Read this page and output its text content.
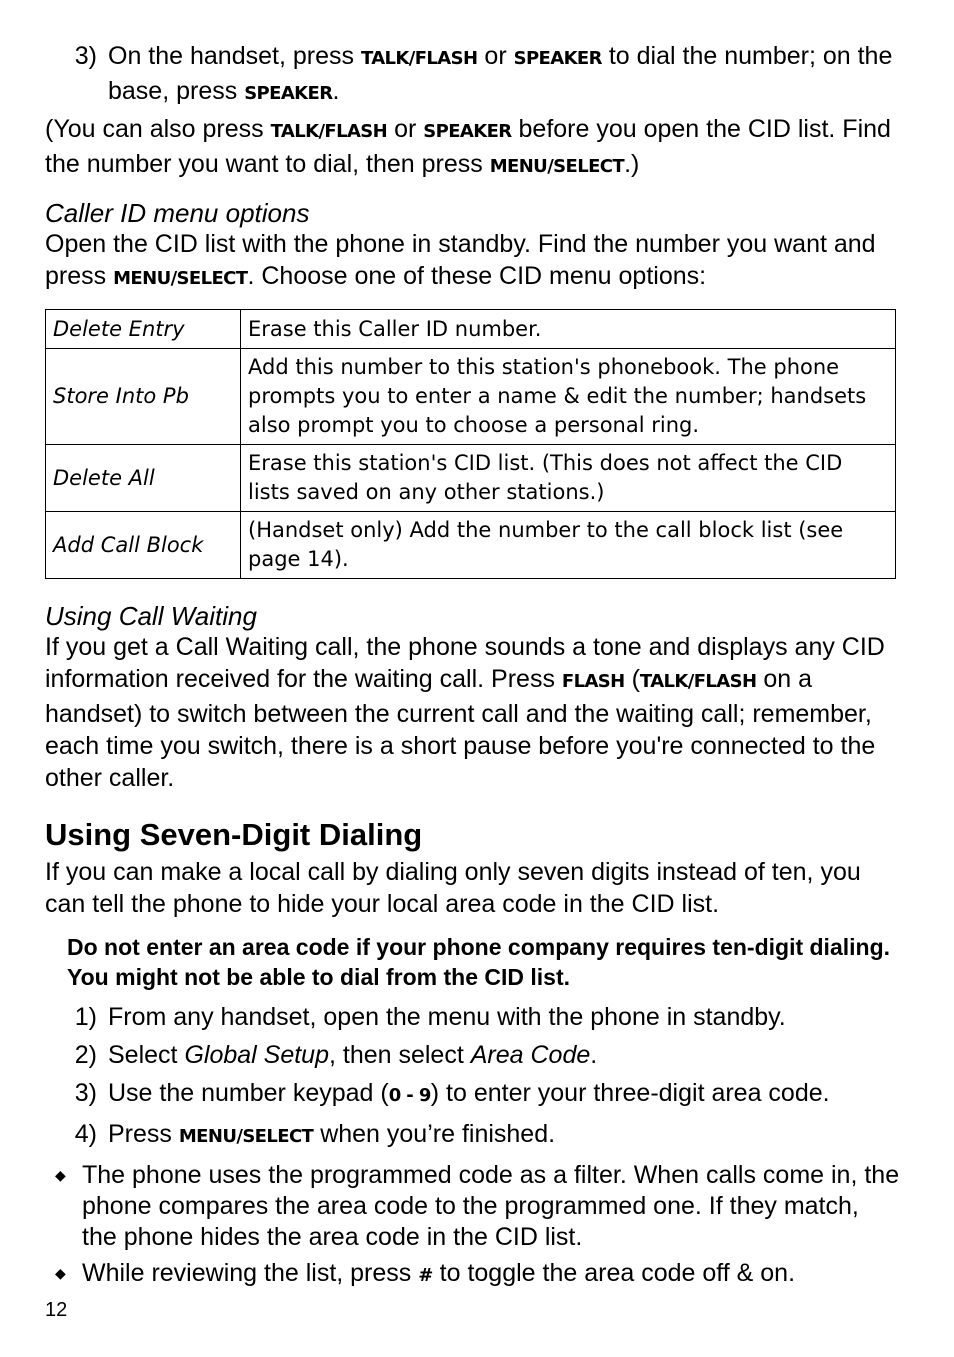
3) On the handset, press TALK/FLASH or SPEAKER to dial the number; on the base, press SPEAKER.

(You can also press TALK/FLASH or SPEAKER before you open the CID list. Find the number you want to dial, then press MENU/SELECT.)

Caller ID menu options

Open the CID list with the phone in standby. Find the number you want and press MENU/SELECT. Choose one of these CID menu options:

Delete Entry	Erase this Caller ID number.
Store Into Pb	Add this number to this station's phonebook. The phone prompts you to enter a name & edit the number; handsets also prompt you to choose a personal ring.
Delete All	Erase this station's CID list. (This does not affect the CID lists saved on any other stations.)
Add Call Block	(Handset only) Add the number to the call block list (see page 14).

Using Call Waiting

If you get a Call Waiting call, the phone sounds a tone and displays any CID information received for the waiting call. Press FLASH (TALK/FLASH on a handset) to switch between the current call and the waiting call; remember, each time you switch, there is a short pause before you're connected to the other caller.

Using Seven-Digit Dialing

If you can make a local call by dialing only seven digits instead of ten, you can tell the phone to hide your local area code in the CID list.

Do not enter an area code if your phone company requires ten-digit dialing. You might not be able to dial from the CID list.

1) From any handset, open the menu with the phone in standby.
2) Select Global Setup, then select Area Code.
3) Use the number keypad (0 - 9) to enter your three-digit area code.
4) Press MENU/SELECT when you’re finished.
◆ The phone uses the programmed code as a filter. When calls come in, the phone compares the area code to the programmed one. If they match, the phone hides the area code in the CID list.
◆ While reviewing the list, press # to toggle the area code off & on.
12
